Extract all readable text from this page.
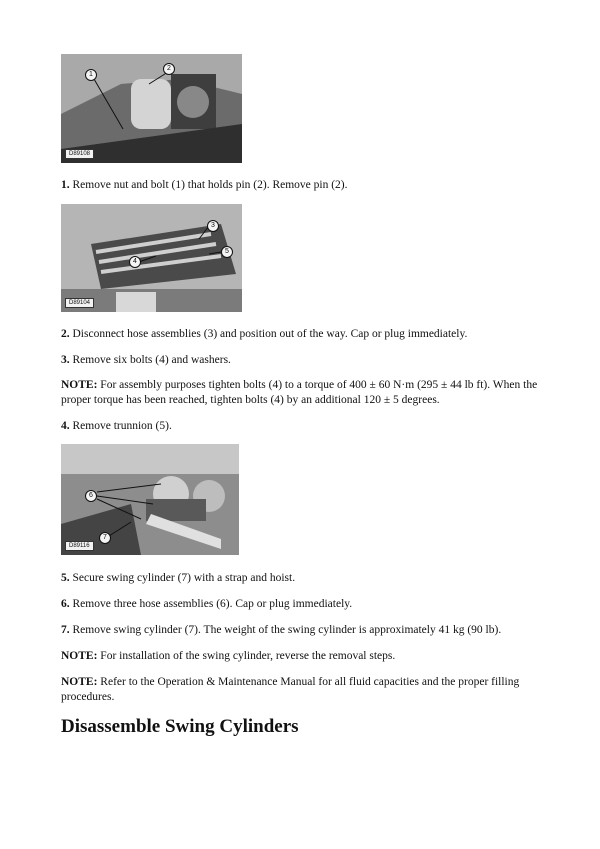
1
2
D89108

1. Remove nut and bolt (1) that holds pin (2). Remove pin (2).

3
4
5
D89104

2. Disconnect hose assemblies (3) and position out of the way. Cap or plug immediately.

3. Remove six bolts (4) and washers.

NOTE: For assembly purposes tighten bolts (4) to a torque of 400 ± 60 N·m (295 ± 44 lb ft). When the proper torque has been reached, tighten bolts (4) by an additional 120 ± 5 degrees.

4. Remove trunnion (5).

6
7
D89116

5. Secure swing cylinder (7) with a strap and hoist.

6. Remove three hose assemblies (6). Cap or plug immediately.

7. Remove swing cylinder (7). The weight of the swing cylinder is approximately 41 kg (90 lb).

NOTE: For installation of the swing cylinder, reverse the removal steps.

NOTE: Refer to the Operation & Maintenance Manual for all fluid capacities and the proper filling procedures.

Disassemble Swing Cylinders
